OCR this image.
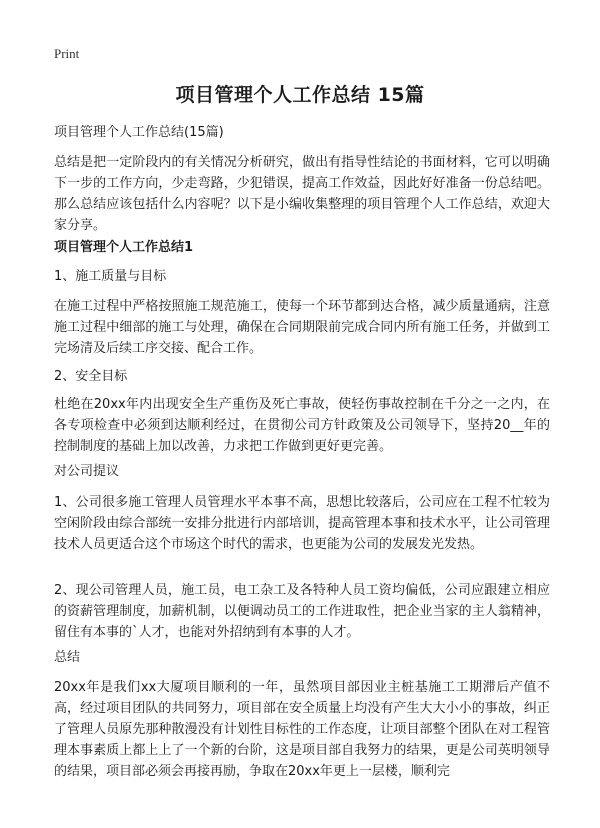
Print
项目管理个人工作总结 15篇

项目管理个人工作总结(15篇)

总结是把一定阶段内的有关情况分析研究，做出有指导性结论的书面材料，它可以明确下一步的工作方向，少走弯路，少犯错误，提高工作效益，因此好好准备一份总结吧。那么总结应该包括什么内容呢？以下是小编收集整理的项目管理个人工作总结，欢迎大家分享。

项目管理个人工作总结1

1、施工质量与目标

在施工过程中严格按照施工规范施工，使每一个环节都到达合格，减少质量通病，注意施工过程中细部的施工与处理，确保在合同期限前完成合同内所有施工任务，并做到工完场清及后续工序交接、配合工作。

2、安全目标

杜绝在20xx年内出现安全生产重伤及死亡事故，使轻伤事故控制在千分之一之内，在各专项检查中必须到达顺利经过，在贯彻公司方针政策及公司领导下，坚持20__年的控制制度的基础上加以改善，力求把工作做到更好更完善。

对公司提议

1、公司很多施工管理人员管理水平本事不高，思想比较落后，公司应在工程不忙较为空闲阶段由综合部统一安排分批进行内部培训，提高管理本事和技术水平，让公司管理技术人员更适合这个市场这个时代的需求，也更能为公司的发展发光发热。

2、现公司管理人员，施工员，电工杂工及各特种人员工资均偏低，公司应跟建立相应的资薪管理制度，加薪机制，以便调动员工的工作进取性，把企业当家的主人翁精神，留住有本事的`人才，也能对外招纳到有本事的人才。

总结

20xx年是我们xx大厦项目顺利的一年，虽然项目部因业主桩基施工工期滞后产值不高，经过项目团队的共同努力，项目部在安全质量上均没有产生大大小小的事故，纠正了管理人员原先那种散漫没有计划性目标性的工作态度，让项目部整个团队在对工程管理本事素质上都上上了一个新的台阶，这是项目部自我努力的结果，更是公司英明领导的结果，项目部必须会再接再励，争取在20xx年更上一层楼，顺利完
